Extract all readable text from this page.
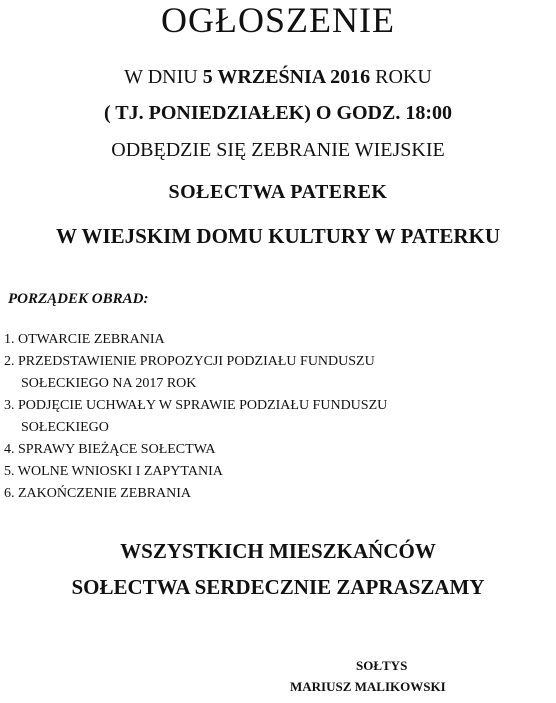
OGŁOSZENIE
W DNIU 5 WRZEŚNIA 2016 ROKU
( TJ. PONIEDZIAŁEK) O GODZ. 18:00
ODBĘDZIE SIĘ ZEBRANIE WIEJSKIE
SOŁECTWA PATEREK
W WIEJSKIM DOMU KULTURY W PATERKU
PORZĄDEK OBRAD:
1. OTWARCIE ZEBRANIA
2. PRZEDSTAWIENIE PROPOZYCJI PODZIAŁU FUNDUSZU
SOŁECKIEGO NA 2017 ROK
3. PODJĘCIE UCHWAŁY W SPRAWIE PODZIAŁU FUNDUSZU
SOŁECKIEGO
4. SPRAWY BIEŻĄCE SOŁECTWA
5. WOLNE WNIOSKI I ZAPYTANIA
6. ZAKOŃCZENIE ZEBRANIA
WSZYSTKICH MIESZKAŃCÓW
SOŁECTWA SERDECZNIE ZAPRASZAMY
SOŁTYS
MARIUSZ MALIKOWSKI
